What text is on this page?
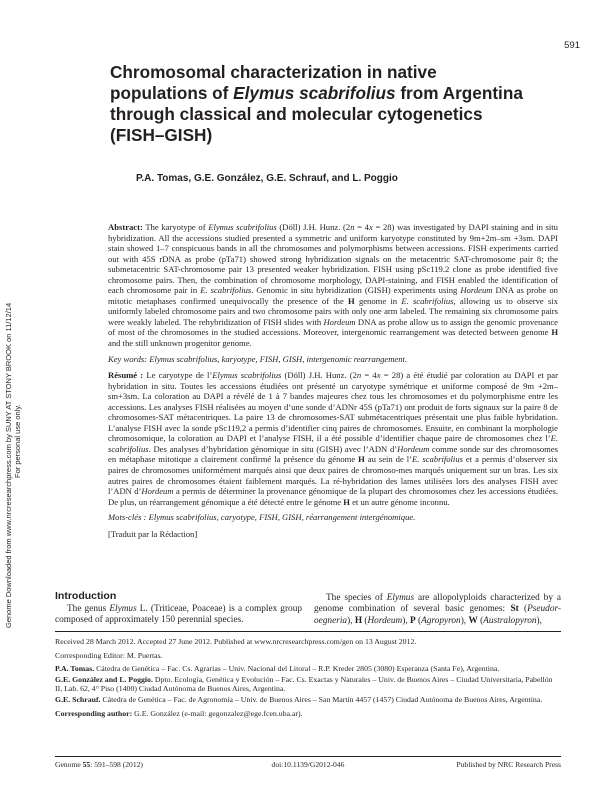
591
Chromosomal characterization in native
populations of Elymus scabrifolius from Argentina
through classical and molecular cytogenetics
(FISH–GISH)
P.A. Tomas, G.E. González, G.E. Schrauf, and L. Poggio
Genome Downloaded from www.nrcresearchpress.com by SUNY AT STONY BROOK on 11/12/14 For personal use only.

Abstract: The karyotype of Elymus scabrifolius (Döll) J.H. Hunz. (2n = 4x = 28) was investigated by DAPI staining and in situ hybridization. All the accessions studied presented a symmetric and uniform karyotype constituted by 9m+2m–sm +3sm. DAPI stain showed 1–7 conspicuous bands in all the chromosomes and polymorphisms between accessions. FISH experiments carried out with 45S rDNA as probe (pTa71) showed strong hybridization signals on the metacentric SAT-chromosome pair 8; the submetacentric SAT-chromosome pair 13 presented weaker hybridization. FISH using pSc119.2 clone as probe identified five chromosome pairs. Then, the combination of chromosome morphology, DAPI-staining, and FISH enabled the identification of each chromosome pair in E. scabrifolius. Genomic in situ hybridization (GISH) experiments using Hordeum DNA as probe on mitotic metaphases confirmed unequivocally the presence of the H genome in E. scabrifolius, allowing us to observe six uniformly labeled chromosome pairs and two chromosome pairs with only one arm labeled. The remaining six chromosome pairs were weakly labeled. The rehybridization of FISH slides with Hordeum DNA as probe allow us to assign the genomic provenance of most of the chromosomes in the studied accessions. Moreover, intergenomic rearrangement was detected between genome H and the still unknown progenitor genome.

Key words: Elymus scabrifolius, karyotype, FISH, GISH, intergenomic rearrangement.

Résumé : Le caryotype de l’Elymus scabrifolius (Döll) J.H. Hunz. (2n = 4x = 28) a été étudié par coloration au DAPI et par hybridation in situ. Toutes les accessions étudiées ont présenté un caryotype symétrique et uniforme composé de 9m +2m–sm+3sm. La coloration au DAPI a révélé de 1 à 7 bandes majeures chez tous les chromosomes et du polymorphisme entre les accessions. Les analyses FISH réalisées au moyen d’une sonde d’ADNr 45S (pTa71) ont produit de forts signaux sur la paire 8 de chromosomes-SAT métacentriques. La paire 13 de chromosomes-SAT submétacentriques présentait une plus faible hybridation. L’analyse FISH avec la sonde pSc119,2 a permis d’identifier cinq paires de chromosomes. Ensuite, en combinant la morphologie chromosomique, la coloration au DAPI et l’analyse FISH, il a été possible d’identifier chaque paire de chromosomes chez l’E. scabrifolius. Des analyses d’hybridation génomique in situ (GISH) avec l’ADN d’Hordeum comme sonde sur des chromosomes en métaphase mitotique a clairement confirmé la présence du génome H au sein de l’E. scabrifolius et a permis d’observer six paires de chromosomes uniformément marqués ainsi que deux paires de chromoso-mes marqués uniquement sur un bras. Les six autres paires de chromosomes étaient faiblement marqués. La ré-hybridation des lames utilisées lors des analyses FISH avec l’ADN d’Hordeum a permis de déterminer la provenance génomique de la plupart des chromosomes chez les accessions étudiées. De plus, un réarrangement génomique a été détecté entre le génome H et un autre génome inconnu.

Mots-clés : Elymus scabrifolius, caryotype, FISH, GISH, réarrangement intergénomique.

[Traduit par la Rédaction]

Introduction

The genus Elymus L. (Triticeae, Poaceae) is a complex group composed of approximately 150 perennial species.

The species of Elymus are allopolyploids characterized by a genome combination of several basic genomes: St (Pseudor-oegneria), H (Hordeum), P (Agropyron), W (Australopyron),

Received 28 March 2012. Accepted 27 June 2012. Published at www.nrcresearchpress.com/gen on 13 August 2012.

Corresponding Editor: M. Puertas.

P.A. Tomas. Cátedra de Genética – Fac. Cs. Agrarias – Univ. Nacional del Litoral – R.P. Kreder 2805 (3080) Esperanza (Santa Fe), Argentina.

G.E. González and L. Poggio. Dpto. Ecología, Genética y Evolución – Fac. Cs. Exactas y Naturales – Univ. de Buenos Aires – Ciudad Universitaria, Pabellón II, Lab. 62, 4° Piso (1400) Ciudad Autónoma de Buenos Aires, Argentina.

G.E. Schrauf. Cátedra de Genética – Fac. de Agronomía – Univ. de Buenos Aires – San Martín 4457 (1457) Ciudad Autónoma de Buenos Aires, Argentina.

Corresponding author: G.E. González (e-mail: gegonzalez@ege.fcen.uba.ar).

Genome 55: 591–598 (2012)	doi:10.1139/G2012-046	Published by NRC Research Press
